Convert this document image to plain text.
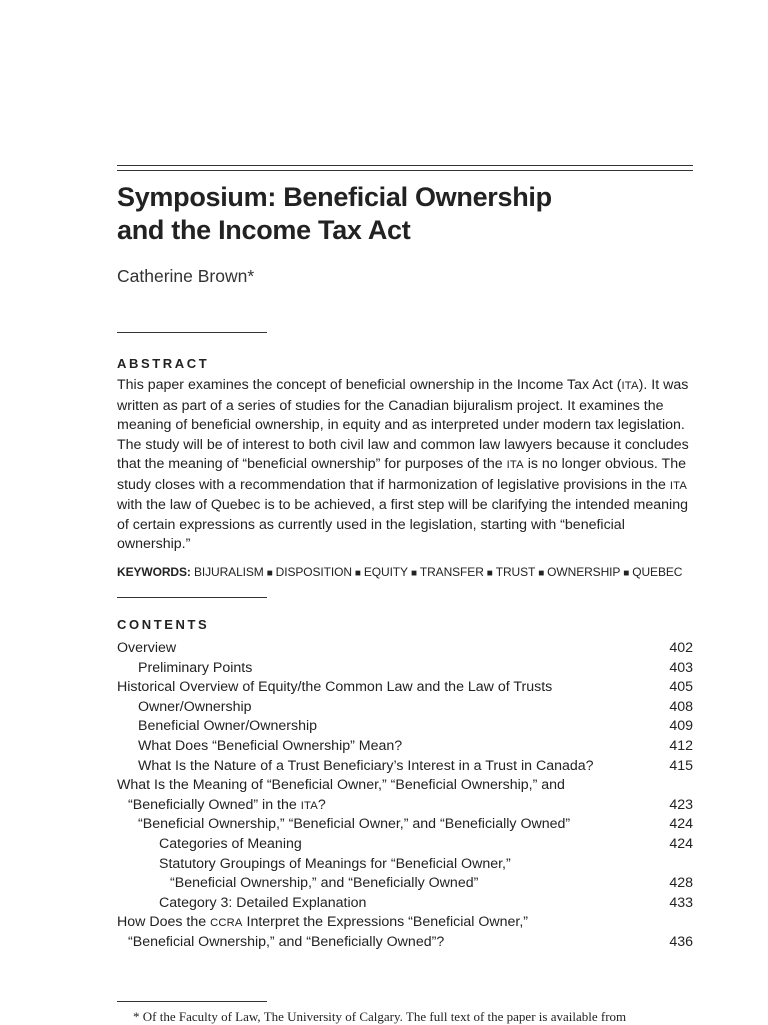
Symposium: Beneficial Ownership
and the Income Tax Act
Catherine Brown*
ABSTRACT
This paper examines the concept of beneficial ownership in the Income Tax Act (ITA). It was written as part of a series of studies for the Canadian bijuralism project. It examines the meaning of beneficial ownership, in equity and as interpreted under modern tax legislation. The study will be of interest to both civil law and common law lawyers because it concludes that the meaning of “beneficial ownership” for purposes of the ITA is no longer obvious. The study closes with a recommendation that if harmonization of legislative provisions in the ITA with the law of Quebec is to be achieved, a first step will be clarifying the intended meaning of certain expressions as currently used in the legislation, starting with “beneficial ownership.”
KEYWORDS: BIJURALISM ■ DISPOSITION ■ EQUITY ■ TRANSFER ■ TRUST ■ OWNERSHIP ■ QUEBEC
CONTENTS
Overview	402
Preliminary Points	403
Historical Overview of Equity/the Common Law and the Law of Trusts	405
Owner/Ownership	408
Beneficial Owner/Ownership	409
What Does “Beneficial Ownership” Mean?	412
What Is the Nature of a Trust Beneficiary’s Interest in a Trust in Canada?	415
What Is the Meaning of “Beneficial Owner,” “Beneficial Ownership,” and
“Beneficially Owned” in the ITA?	423
“Beneficial Ownership,” “Beneficial Owner,” and “Beneficially Owned”	424
Categories of Meaning	424
Statutory Groupings of Meanings for “Beneficial Owner,”
“Beneficial Ownership,” and “Beneficially Owned”	428
Category 3: Detailed Explanation	433
How Does the CCRA Interpret the Expressions “Beneficial Owner,”
“Beneficial Ownership,” and “Beneficially Owned”?	436
* Of the Faculty of Law, The University of Calgary. The full text of the paper is available from
